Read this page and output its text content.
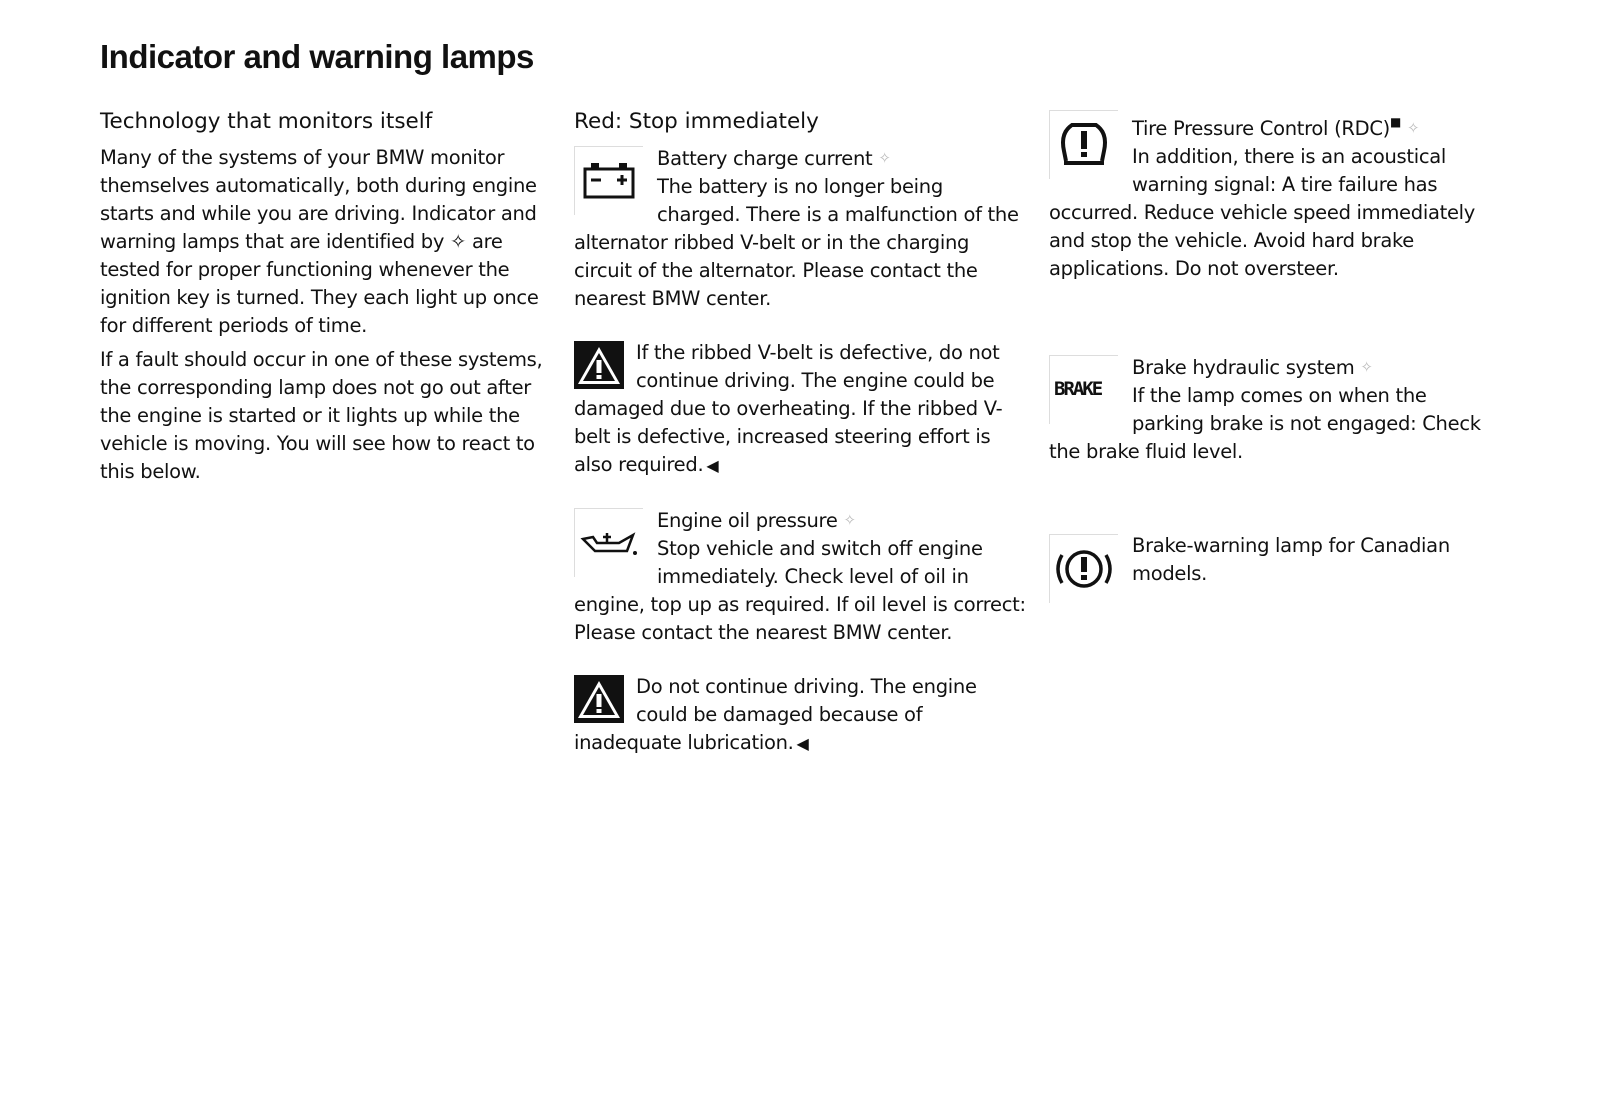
Indicator and warning lamps
Technology that monitors itself

Many of the systems of your BMW monitor themselves automatically, both during engine starts and while you are driving. Indicator and warning lamps that are identified by ✧ are tested for proper functioning whenever the ignition key is turned. They each light up once for different periods of time.

If a fault should occur in one of these systems, the corresponding lamp does not go out after the engine is started or it lights up while the vehicle is moving. You will see how to react to this below.

Red: Stop immediately

Battery charge current ✧
The battery is no longer being charged. There is a malfunction of the alternator ribbed V-belt or in the charging circuit of the alternator. Please contact the nearest BMW center.

If the ribbed V-belt is defective, do not continue driving. The engine could be damaged due to overheating. If the ribbed V-belt is defective, increased steering effort is also required. ◀

Engine oil pressure ✧
Stop vehicle and switch off engine immediately. Check level of oil in engine, top up as required. If oil level is correct: Please contact the nearest BMW center.

Do not continue driving. The engine could be damaged because of inadequate lubrication. ◀

Tire Pressure Control (RDC)■ ✧
In addition, there is an acoustical warning signal: A tire failure has occurred. Reduce vehicle speed immediately and stop the vehicle. Avoid hard brake applications. Do not oversteer.

BRAKE

Brake hydraulic system ✧
If the lamp comes on when the parking brake is not engaged: Check the brake fluid level.

Brake-warning lamp for Canadian models.
